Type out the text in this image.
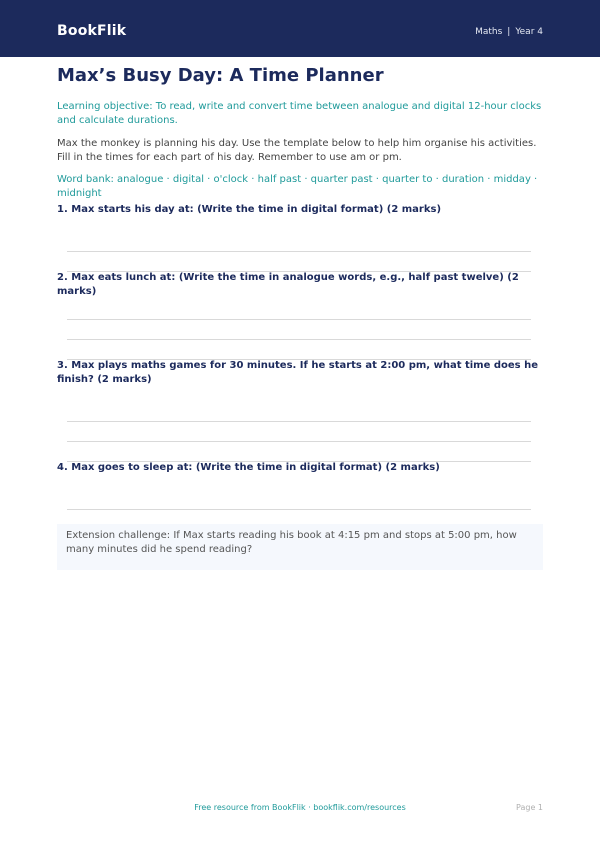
BookFlik	Maths | Year 4
Max’s Busy Day: A Time Planner
Learning objective: To read, write and convert time between analogue and digital 12-hour clocks and calculate durations.
Max the monkey is planning his day. Use the template below to help him organise his activities. Fill in the times for each part of his day. Remember to use am or pm.
Word bank: analogue · digital · o'clock · half past · quarter past · quarter to · duration · midday · midnight
1. Max starts his day at: (Write the time in digital format) (2 marks)
2. Max eats lunch at: (Write the time in analogue words, e.g., half past twelve) (2 marks)
3. Max plays maths games for 30 minutes. If he starts at 2:00 pm, what time does he finish? (2 marks)
4. Max goes to sleep at: (Write the time in digital format) (2 marks)
Extension challenge: If Max starts reading his book at 4:15 pm and stops at 5:00 pm, how many minutes did he spend reading?
Free resource from BookFlik · bookflik.com/resources	Page 1
